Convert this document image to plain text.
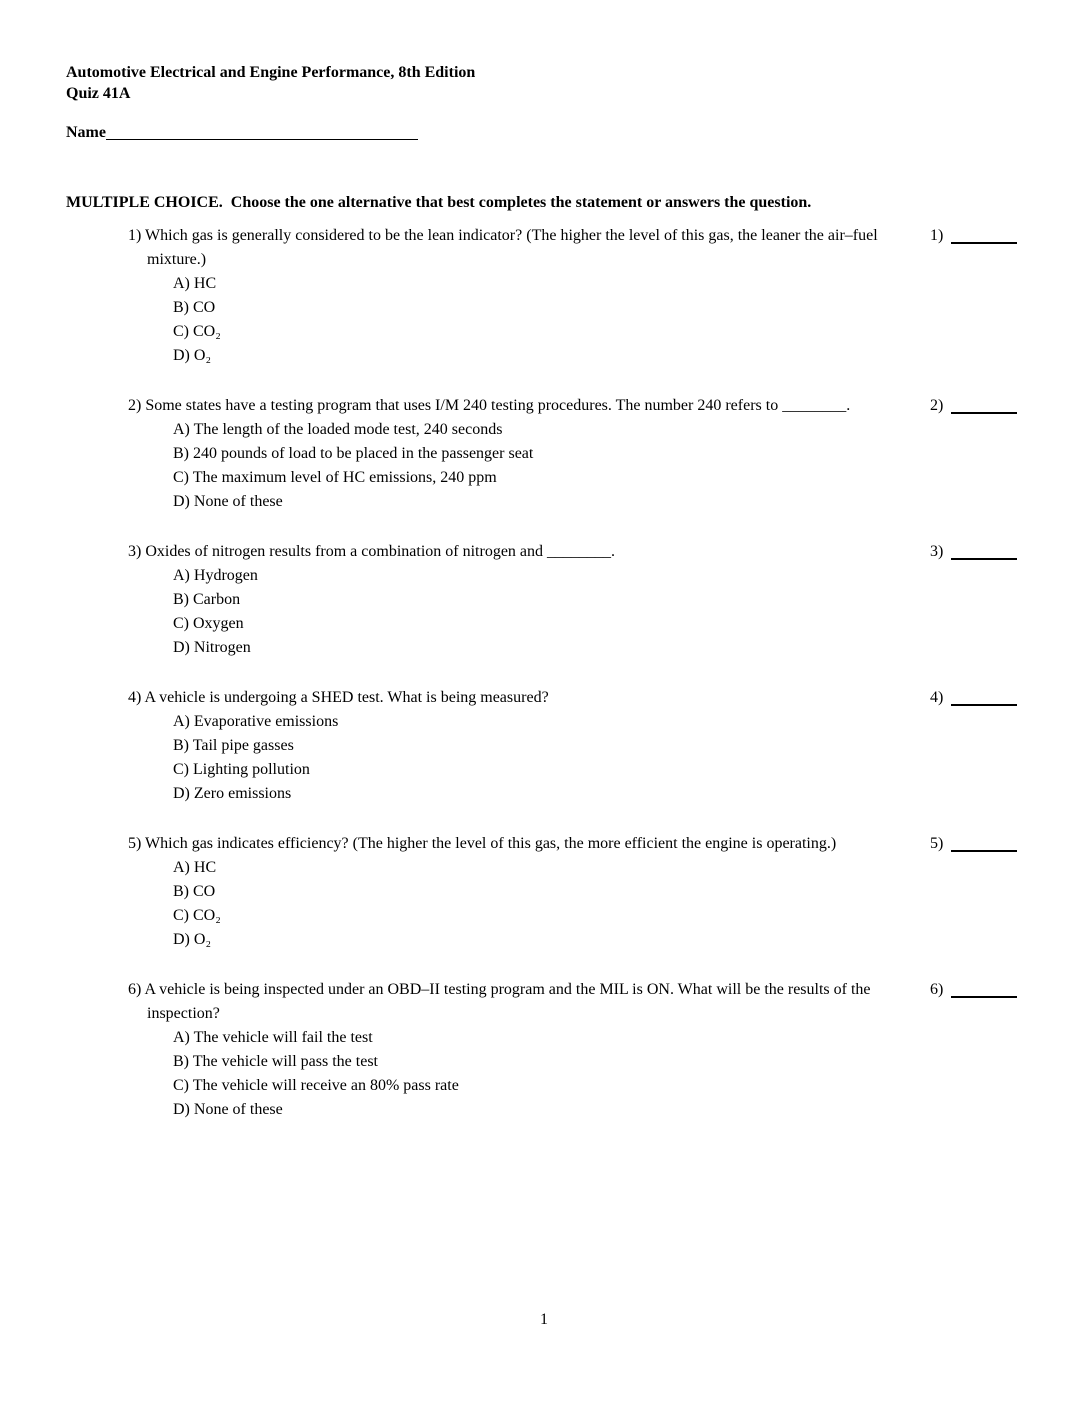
Automotive Electrical and Engine Performance, 8th Edition
Quiz 41A
Name
MULTIPLE CHOICE.  Choose the one alternative that best completes the statement or answers the question.
1) Which gas is generally considered to be the lean indicator? (The higher the level of this gas, the leaner the air–fuel mixture.)
1)
A) HC
B) CO
C) CO₂
D) O₂
2) Some states have a testing program that uses I/M 240 testing procedures. The number 240 refers to ________.	2)
A) The length of the loaded mode test, 240 seconds
B) 240 pounds of load to be placed in the passenger seat
C) The maximum level of HC emissions, 240 ppm
D) None of these
3) Oxides of nitrogen results from a combination of nitrogen and ________.	3)
A) Hydrogen
B) Carbon
C) Oxygen
D) Nitrogen
4) A vehicle is undergoing a SHED test. What is being measured?	4)
A) Evaporative emissions
B) Tail pipe gasses
C) Lighting pollution
D) Zero emissions
5) Which gas indicates efficiency? (The higher the level of this gas, the more efficient the engine is operating.)	5)
A) HC
B) CO
C) CO₂
D) O₂
6) A vehicle is being inspected under an OBD–II testing program and the MIL is ON. What will be the results of the inspection?
6)
A) The vehicle will fail the test
B) The vehicle will pass the test
C) The vehicle will receive an 80% pass rate
D) None of these
1
